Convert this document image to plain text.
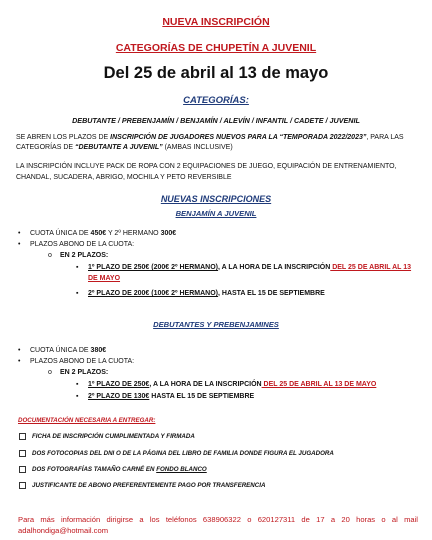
NUEVA INSCRIPCIÓN
CATEGORÍAS DE CHUPETÍN A JUVENIL
Del 25 de abril al 13 de mayo
CATEGORÍAS:
DEBUTANTE / PREBENJAMÍN / BENJAMÍN / ALEVÍN / INFANTIL / CADETE / JUVENIL
SE ABREN LOS PLAZOS DE INSCRIPCIÓN DE JUGADORES NUEVOS PARA LA “TEMPORADA 2022/2023”, PARA LAS
CATEGORÍAS DE “DEBUTANTE A JUVENIL” (AMBAS INCLUSIVE)
LA INSCRIPCIÓN INCLUYE PACK DE ROPA CON 2 EQUIPACIONES DE JUEGO, EQUIPACIÓN DE ENTRENAMIENTO,
CHANDAL, SUCADERA, ABRIGO, MOCHILA Y PETO REVERSIBLE
NUEVAS INSCRIPCIONES
BENJAMÍN A JUVENIL
• CUOTA ÚNICA DE 450€ Y 2º HERMANO 300€
• PLAZOS ABONO DE LA CUOTA:
o EN 2 PLAZOS:
▪ 1º PLAZO DE 250€ (200€ 2º HERMANO), A LA HORA DE LA INSCRIPCIÓN DEL 25 DE ABRIL AL 13
DE MAYO
▪ 2º PLAZO DE 200€ (100€ 2º HERMANO), HASTA EL 15 DE SEPTIEMBRE
DEBUTANTES Y PREBENJAMINES
• CUOTA ÚNICA DE 380€
• PLAZOS ABONO DE LA CUOTA:
o EN 2 PLAZOS:
▪ 1º PLAZO DE 250€, A LA HORA DE LA INSCRIPCIÓN DEL 25 DE ABRIL AL 13 DE MAYO
▪ 2º PLAZO DE 130€ HASTA EL 15 DE SEPTIEMBRE
DOCUMENTACIÓN NECESARIA A ENTREGAR:
FICHA DE INSCRIPCIÓN CUMPLIMENTADA Y FIRMADA
DOS FOTOCOPIAS DEL DNI O DE LA PÁGINA DEL LIBRO DE FAMILIA DONDE FIGURA EL JUGADORA
DOS FOTOGRAFÍAS TAMAÑO CARNÉ EN FONDO BLANCO
JUSTIFICANTE DE ABONO PREFERENTEMENTE PAGO POR TRANSFERENCIA
Para más información dirigirse a los teléfonos 638906322 o 620127311 de 17 a 20 horas o al mail
adalhondiga@hotmail.com
